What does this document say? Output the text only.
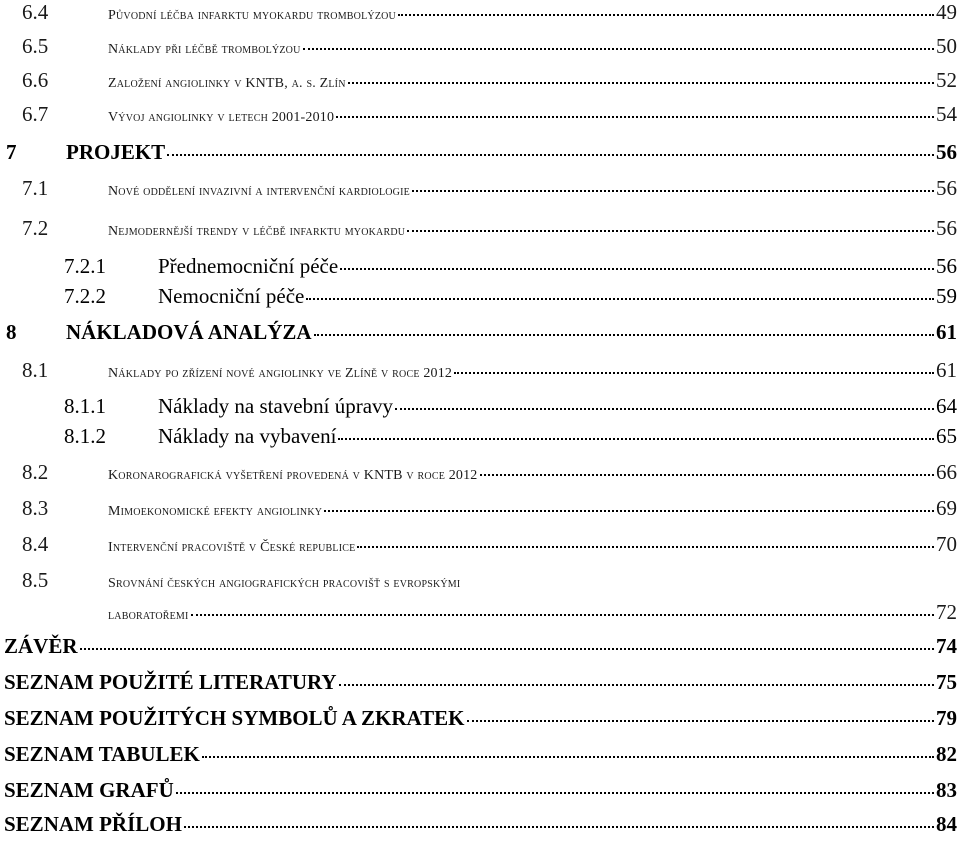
6.4	Původní léčba infarktu myokardu trombolýzou	49
6.5	Náklady při léčbě trombolýzou	50
6.6	Založení angiolinky v KNTB, a. s. Zlín	52
6.7	Vývoj angiolinky v letech 2001-2010	54
7	PROJEKT	56
7.1	Nové oddělení invazivní a intervenční kardiologie	56
7.2	Nejmodernější trendy v léčbě infarktu myokardu	56
7.2.1	Přednemocniční péče	56
7.2.2	Nemocniční péče	59
8	NÁKLADOVÁ ANALÝZA	61
8.1	Náklady po zřízení nové angiolinky ve Zlíně v roce 2012	61
8.1.1	Náklady na stavební úpravy	64
8.1.2	Náklady na vybavení	65
8.2	Koronarografická vyšetření provedená v KNTB v roce 2012	66
8.3	Mimoekonomické efekty angiolinky	69
8.4	Intervenční pracoviště v České republice	70
8.5	Srovnání českých angiografických pracovišť s evropskými
laboratořemi	72
ZÁVĚR	74
SEZNAM POUŽITÉ LITERATURY	75
SEZNAM POUŽITÝCH SYMBOLŮ A ZKRATEK	79
SEZNAM TABULEK	82
SEZNAM GRAFŮ	83
SEZNAM PŘÍLOH	84
